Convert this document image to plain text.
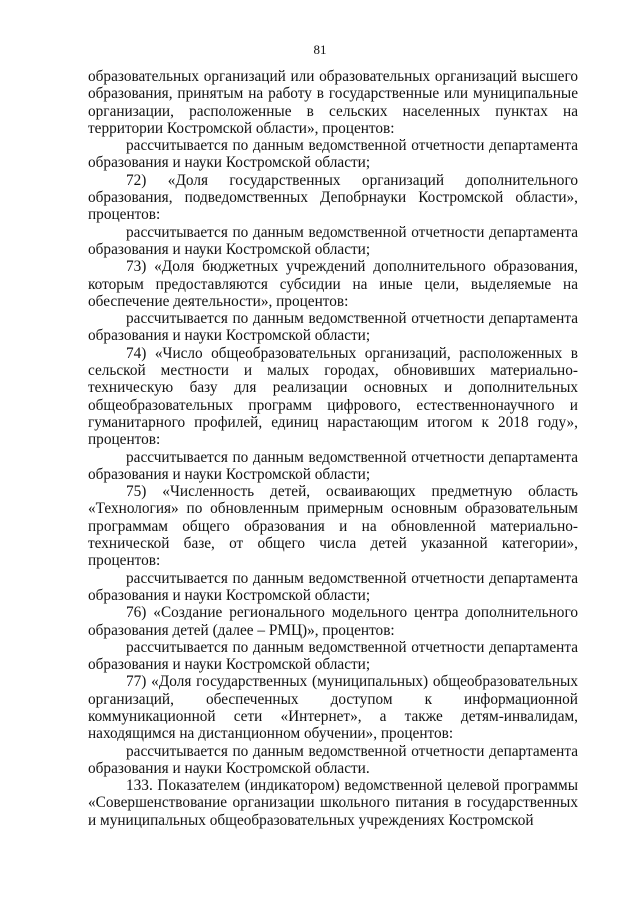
81

образовательных организаций или образовательных организаций высшего образования, принятым на работу в государственные или муниципальные организации, расположенные в сельских населенных пунктах на территории Костромской области», процентов:

рассчитывается по данным ведомственной отчетности департамента образования и науки Костромской области;

72) «Доля государственных организаций дополнительного образования, подведомственных Депобрнауки Костромской области», процентов:

рассчитывается по данным ведомственной отчетности департамента образования и науки Костромской области;

73) «Доля бюджетных учреждений дополнительного образования, которым предоставляются субсидии на иные цели, выделяемые на обеспечение деятельности», процентов:

рассчитывается по данным ведомственной отчетности департамента образования и науки Костромской области;

74) «Число общеобразовательных организаций, расположенных в сельской местности и малых городах, обновивших материально-техническую базу для реализации основных и дополнительных общеобразовательных программ цифрового, естественнонаучного и гуманитарного профилей, единиц нарастающим итогом к 2018 году», процентов:

рассчитывается по данным ведомственной отчетности департамента образования и науки Костромской области;

75) «Численность детей, осваивающих предметную область «Технология» по обновленным примерным основным образовательным программам общего образования и на обновленной материально-технической базе, от общего числа детей указанной категории», процентов:

рассчитывается по данным ведомственной отчетности департамента образования и науки Костромской области;

76) «Создание регионального модельного центра дополнительного образования детей (далее – РМЦ)», процентов:

рассчитывается по данным ведомственной отчетности департамента образования и науки Костромской области;

77) «Доля государственных (муниципальных) общеобразовательных организаций, обеспеченных доступом к информационной коммуникационной сети «Интернет», а также детям-инвалидам, находящимся на дистанционном обучении», процентов:

рассчитывается по данным ведомственной отчетности департамента образования и науки Костромской области.

133. Показателем (индикатором) ведомственной целевой программы «Совершенствование организации школьного питания в государственных и муниципальных общеобразовательных учреждениях Костромской
